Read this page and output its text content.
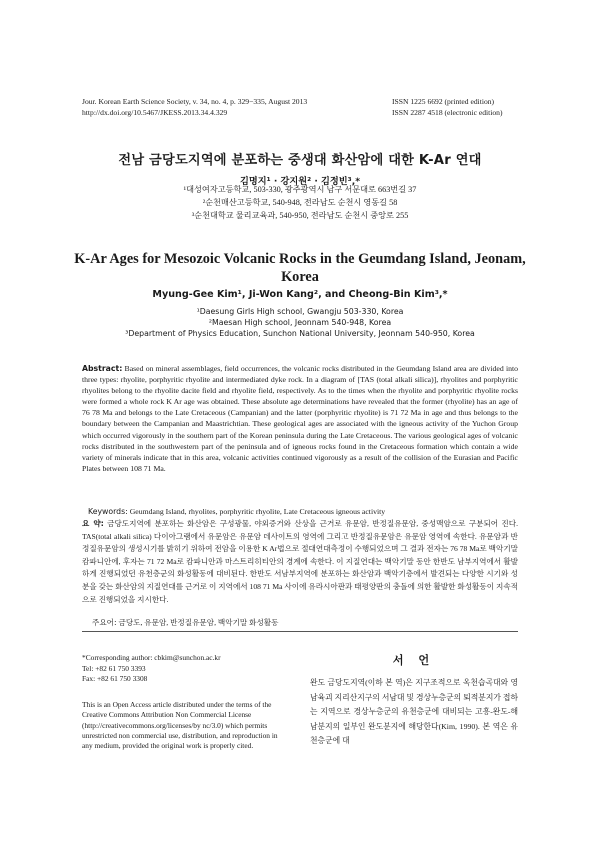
Jour. Korean Earth Science Society, v. 34, no. 4, p. 329−335, August 2013
http://dx.doi.org/10.5467/JKESS.2013.34.4.329
ISSN 1225 6692 (printed edition)
ISSN 2287 4518 (electronic edition)
전남 금당도지역에 분포하는 중생대 화산암에 대한 K-Ar 연대
김명지¹ · 강지원² · 김정빈³,*
¹대성여자고등학교, 503-330, 광주광역시 남구 서문대로 663번길 37
²순천매산고등학교, 540-948, 전라남도 순천시 영동길 58
³순천대학교 물리교육과, 540-950, 전라남도 순천시 중앙로 255
K-Ar Ages for Mesozoic Volcanic Rocks in the Geumdang Island, Jeonam, Korea
Myung-Gee Kim¹, Ji-Won Kang², and Cheong-Bin Kim³,*
¹Daesung Girls High school, Gwangju 503-330, Korea
²Maesan High school, Jeonnam 540-948, Korea
³Department of Physics Education, Sunchon National University, Jeonnam 540-950, Korea
Abstract: Based on mineral assemblages, field occurrences, the volcanic rocks distributed in the Geumdang Island area are divided into three types: rhyolite, porphyritic rhyolite and intermediated dyke rock. In a diagram of [TAS (total alkali silica)], rhyolites and porphyritic rhyolites belong to the rhyolite dacite field and rhyolite field, respectively. As to the times when the rhyolite and porphyritic rhyolite rocks were formed a whole rock K Ar age was obtained. These absolute age determinations have revealed that the former (rhyolite) has an age of 76 78 Ma and belongs to the Late Cretaceous (Campanian) and the latter (porphyritic rhyolite) is 71 72 Ma in age and thus belongs to the boundary between the Campanian and Maastrichtian. These geological ages are associated with the igneous activity of the Yuchon Group which occurred vigorously in the southern part of the Korean peninsula during the Late Cretaceous. The various geological ages of volcanic rocks distributed in the southwestern part of the peninsula and of igneous rocks found in the Cretaceous formation which contain a wide variety of minerals indicate that in this area, volcanic activities continued vigorously as a result of the collision of the Eurasian and Pacific Plates between 108 71 Ma.
Keywords: Geumdang Island, rhyolites, porphyritic rhyolite, Late Cretaceous igneous activity
요 약: 금당도지역에 분포하는 화산암은 구성광물, 야외증거와 산상을 근거로 유문암, 반정질유문암, 중성맥암으로 구분되어 진다. TAS(total alkali silica) 다이아그램에서 유문암은 유문암 데사이트의 영역에 그리고 반정질유문암은 유문암 영역에 속한다. 유문암과 반정질유문암의 생성시기를 밝히기 위하여 전암을 이용한 K Ar법으로 절대연대측정이 수행되었으며 그 결과 전자는 76 78 Ma로 백악기말 캄파니안에, 후자는 71 72 Ma로 캄파니안과 마스트리히티안의 경계에 속한다. 이 지질연대는 백악기말 동안 한반도 남부지역에서 활발하게 진행되었던 유천층군의 화성활동에 대비된다. 한반도 서남부지역에 분포하는 화산암과 백악기층에서 발견되는 다양한 시기와 성분을 갖는 화산암의 지질연대를 근거로 이 지역에서 108 71 Ma 사이에 유라시아판과 태평양판의 충돌에 의한 활발한 화성활동이 지속적으로 진행되었을 지시한다.
주요어: 금당도, 유문암, 반정질유문암, 백악기말 화성활동
*Corresponding author: cbkim@sunchon.ac.kr
Tel: +82 61 750 3393
Fax: +82 61 750 3308
This is an Open Access article distributed under the terms of the Creative Commons Attribution Non Commercial License (http://creativecommons.org/licenses/by nc/3.0) which permits unrestricted non commercial use, distribution, and reproduction in any medium, provided the original work is properly cited.
서 언
완도 금당도지역(이하 본 역)은 지구조적으로 옥천습곡대와 영남육괴 지리산지구의 서남대 및 경상누층군의 퇴적분지가 접하는 지역으로 경상누층군의 유천층군에 대비되는 고흥-완도-해남분지의 일부인 완도분지에 해당한다(Kim, 1990). 본 역은 유천층군에 대
